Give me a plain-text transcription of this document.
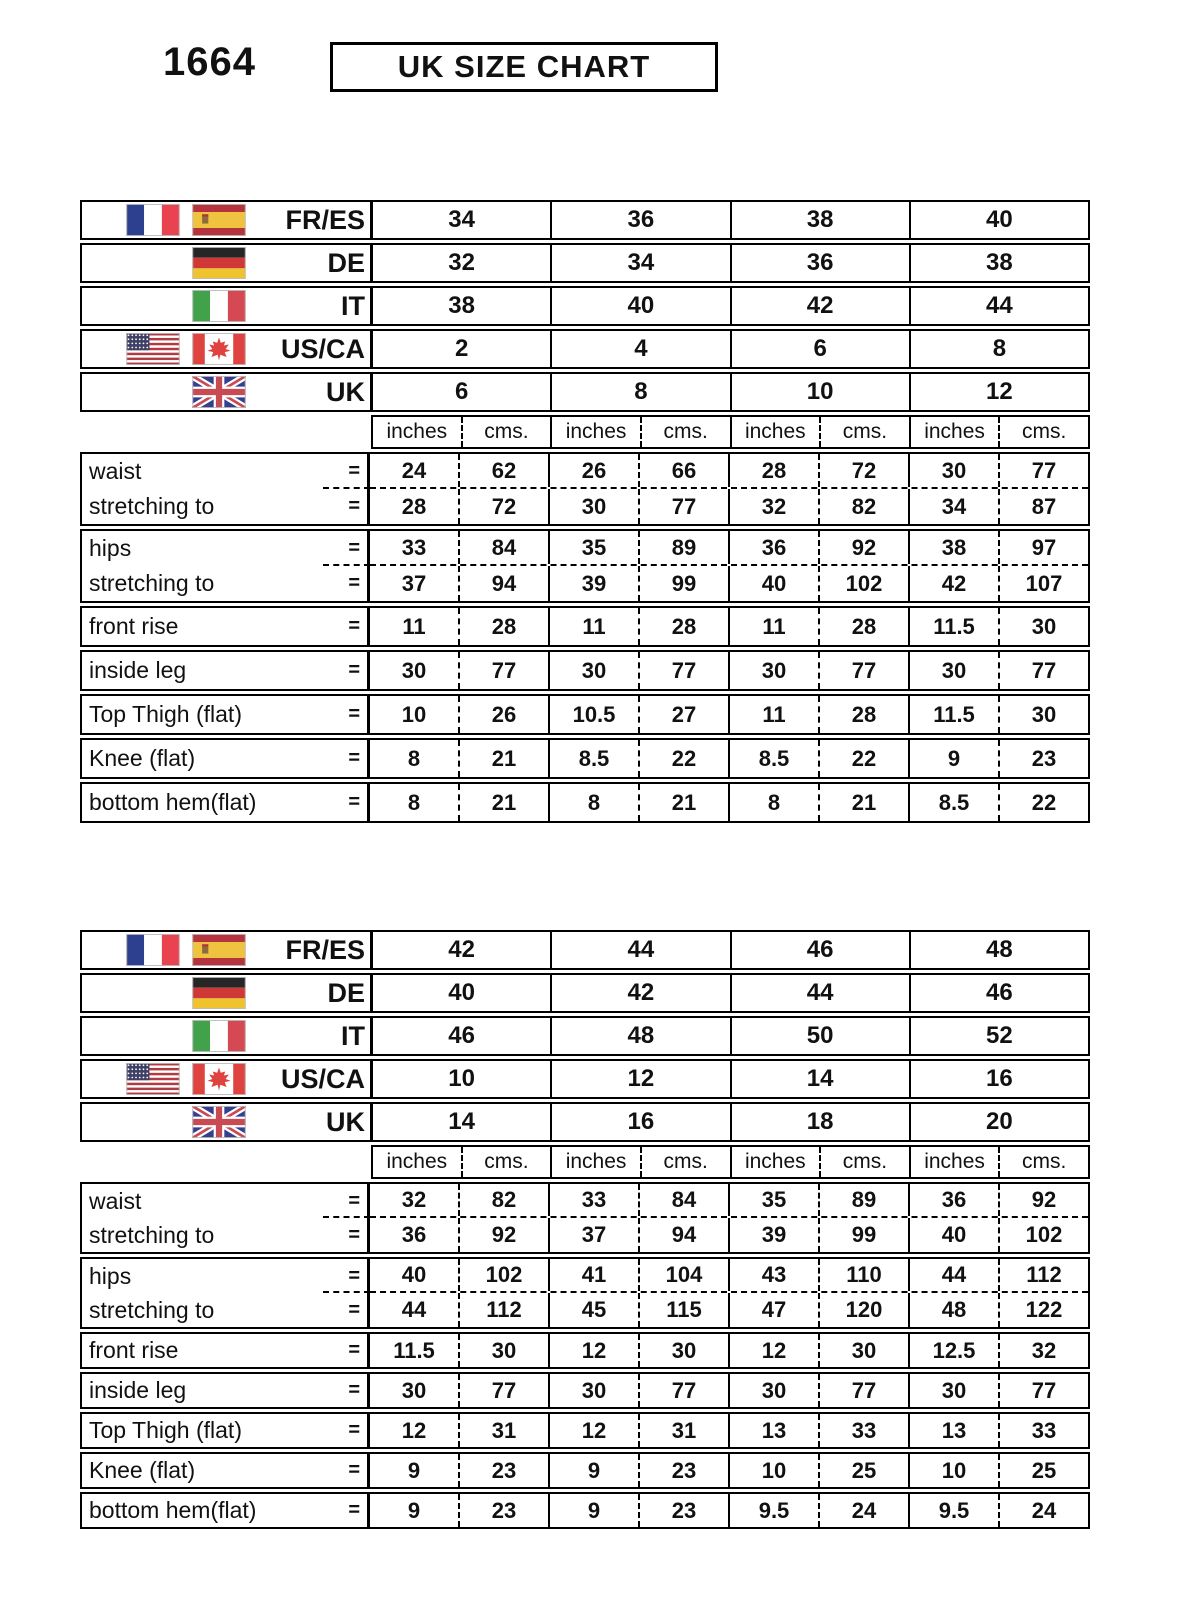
1664	UK SIZE CHART
FR/ES	34	36	38	40
DE	32	34	36	38
IT	38	40	42	44
US/CA	2	4	6	8
UK	6	8	10	12
inches	cms.	inches	cms.	inches	cms.	inches	cms.
waist	=	24	62	26	66	28	72	30	77
stretching to	=	28	72	30	77	32	82	34	87
hips	=	33	84	35	89	36	92	38	97
stretching to	=	37	94	39	99	40	102	42	107
front rise	=	11	28	11	28	11	28	11.5	30
inside leg	=	30	77	30	77	30	77	30	77
Top Thigh (flat)	=	10	26	10.5	27	11	28	11.5	30
Knee (flat)	=	8	21	8.5	22	8.5	22	9	23
bottom hem(flat)	=	8	21	8	21	8	21	8.5	22
FR/ES	42	44	46	48
DE	40	42	44	46
IT	46	48	50	52
US/CA	10	12	14	16
UK	14	16	18	20
inches	cms.	inches	cms.	inches	cms.	inches	cms.
waist	=	32	82	33	84	35	89	36	92
stretching to	=	36	92	37	94	39	99	40	102
hips	=	40	102	41	104	43	110	44	112
stretching to	=	44	112	45	115	47	120	48	122
front rise	=	11.5	30	12	30	12	30	12.5	32
inside leg	=	30	77	30	77	30	77	30	77
Top Thigh (flat)	=	12	31	12	31	13	33	13	33
Knee (flat)	=	9	23	9	23	10	25	10	25
bottom hem(flat)	=	9	23	9	23	9.5	24	9.5	24
